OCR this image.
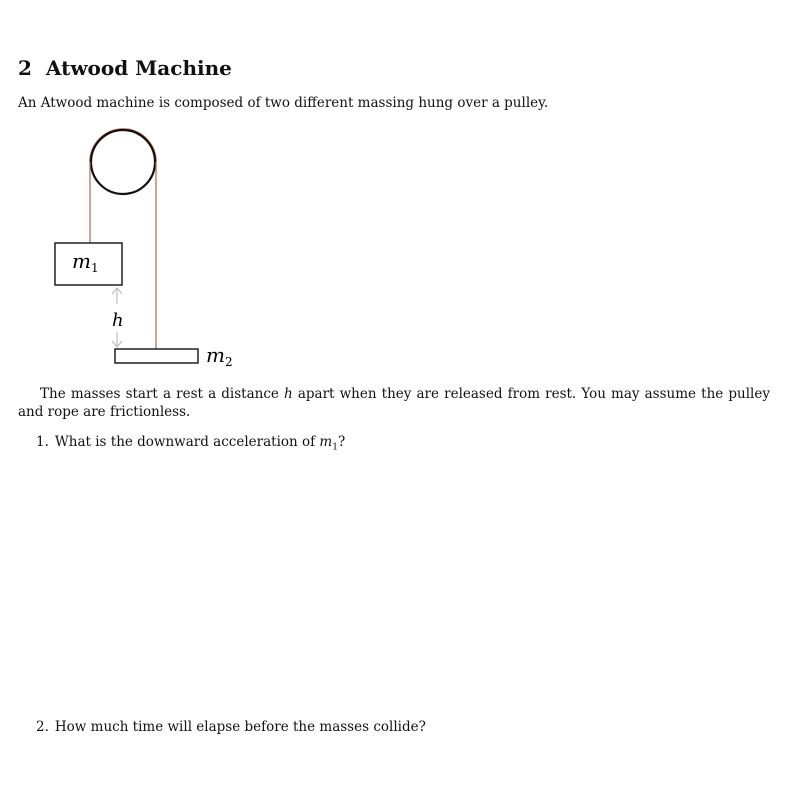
2 Atwood Machine

An Atwood machine is composed of two different massing hung over a pulley.

$m_1$
h
$m_2$

The masses start a rest a distance h apart when they are released from rest. You may assume the pulley and rope are frictionless.

1. What is the downward acceleration of $m_1$?

2. How much time will elapse before the masses collide?
